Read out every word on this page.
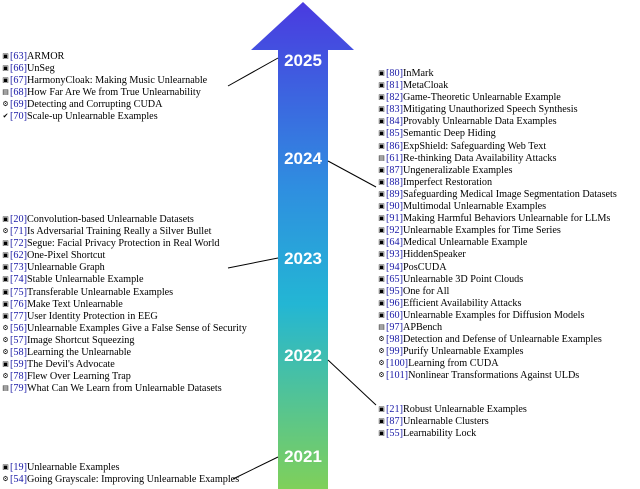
2025
2024
2023
2022
2021
▣[63]ARMOR
▣[66]UnSeg
▣[67]HarmonyCloak: Making Music Unlearnable
▤[68]How Far Are We from True Unlearnability
⚙[69]Detecting and Corrupting CUDA
✔ [70]Scale-up Unlearnable Examples
▣[80]InMark
▣[81]MetaCloak
▣[82]Game-Theoretic Unlearnable Example
▣[83]Mitigating Unauthorized Speech Synthesis
▣[84]Provably Unlearnable Data Examples
▣[85]Semantic Deep Hiding
▣[86]ExpShield: Safeguarding Web Text
▤[61]Re-thinking Data Availability Attacks
▣[87]Ungeneralizable Examples
▣[88]Imperfect Restoration
▣[89]Safeguarding Medical Image Segmentation Datasets
▣[90]Multimodal Unlearnable Examples
▣[91]Making Harmful Behaviors Unlearnable for LLMs
▣[92]Unlearnable Examples for Time Series
▣[64]Medical Unlearnable Example
▣[93]HiddenSpeaker
▣[94]PosCUDA
▣[65]Unlearnable 3D Point Clouds
▣[95]One for All
▣[96]Efficient Availability Attacks
▣[60]Unlearnable Examples for Diffusion Models
▤[97]APBench
⚙[98]Detection and Defense of Unlearnable Examples
⚙[99]Purify Unlearnable Examples
⚙[100]Learning from CUDA
⚙[101]Nonlinear Transformations Against ULDs
▣[20]Convolution-based Unlearnable Datasets
⚙[71]Is Adversarial Training Really a Silver Bullet
▣[72]Segue: Facial Privacy Protection in Real World
▣[62]One-Pixel Shortcut
▣[73]Unlearnable Graph
▣[74]Stable Unlearnable Example
▣[75]Transferable Unlearnable Examples
▣[76]Make Text Unlearnable
▣[77]User Identity Protection in EEG
⚙[56]Unlearnable Examples Give a False Sense of Security
⚙[57]Image Shortcut Squeezing
⚙[58]Learning the Unlearnable
▣[59]The Devil's Advocate
⚙[78]Flew Over Learning Trap
▤[79]What Can We Learn from Unlearnable Datasets
▣[21]Robust Unlearnable Examples
▣[87]Unlearnable Clusters
▣[55]Learnability Lock
▣[19]Unlearnable Examples
⚙[54]Going Grayscale: Improving Unlearnable Examples
